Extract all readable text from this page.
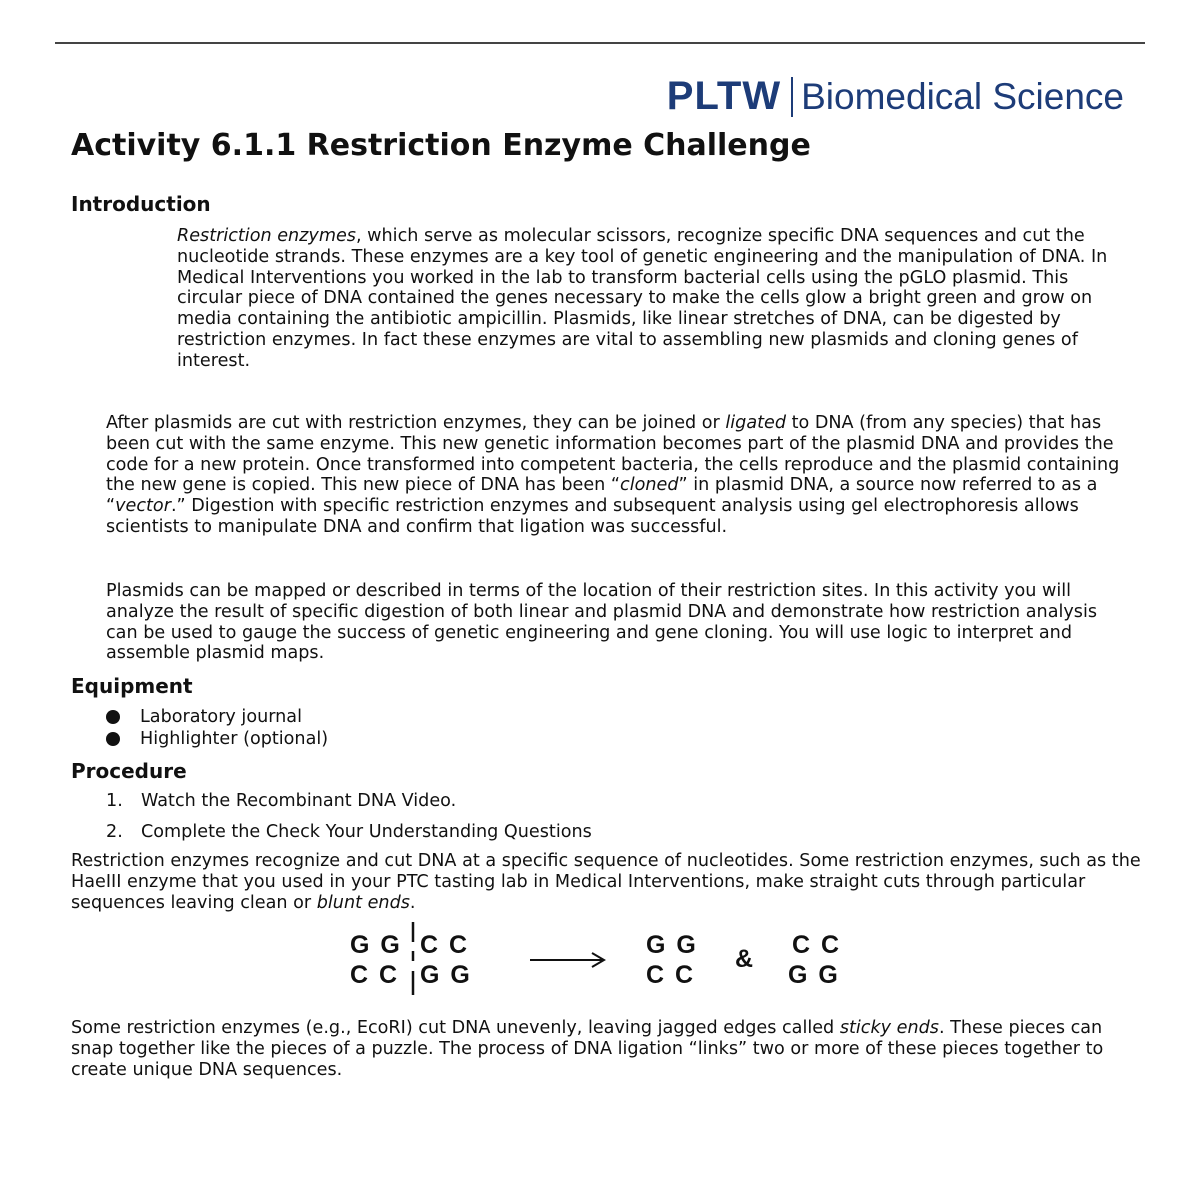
PLTW Biomedical Science
Activity 6.1.1 Restriction Enzyme Challenge
Introduction

Restriction enzymes, which serve as molecular scissors, recognize specific DNA sequences and cut the nucleotide strands. These enzymes are a key tool of genetic engineering and the manipulation of DNA. In Medical Interventions you worked in the lab to transform bacterial cells using the pGLO plasmid. This circular piece of DNA contained the genes necessary to make the cells glow a bright green and grow on media containing the antibiotic ampicillin. Plasmids, like linear stretches of DNA, can be digested by restriction enzymes. In fact these enzymes are vital to assembling new plasmids and cloning genes of interest.

After plasmids are cut with restriction enzymes, they can be joined or ligated to DNA (from any species) that has been cut with the same enzyme. This new genetic information becomes part of the plasmid DNA and provides the code for a new protein. Once transformed into competent bacteria, the cells reproduce and the plasmid containing the new gene is copied. This new piece of DNA has been “cloned” in plasmid DNA, a source now referred to as a “vector.” Digestion with specific restriction enzymes and subsequent analysis using gel electrophoresis allows scientists to manipulate DNA and confirm that ligation was successful.

Plasmids can be mapped or described in terms of the location of their restriction sites. In this activity you will analyze the result of specific digestion of both linear and plasmid DNA and demonstrate how restriction analysis can be used to gauge the success of genetic engineering and gene cloning. You will use logic to interpret and assemble plasmid maps.

Equipment
Laboratory journal
Highlighter (optional)
Procedure
1.	Watch the Recombinant DNA Video.
2.	Complete the Check Your Understanding Questions

Restriction enzymes recognize and cut DNA at a specific sequence of nucleotides. Some restriction enzymes, such as the HaeIII enzyme that you used in your PTC tasting lab in Medical Interventions, make straight cuts through particular sequences leaving clean or blunt ends.

G G C C
C C G G
G G
C C
& C C
G G

Some restriction enzymes (e.g., EcoRI) cut DNA unevenly, leaving jagged edges called sticky ends. These pieces can snap together like the pieces of a puzzle. The process of DNA ligation “links” two or more of these pieces together to create unique DNA sequences.
